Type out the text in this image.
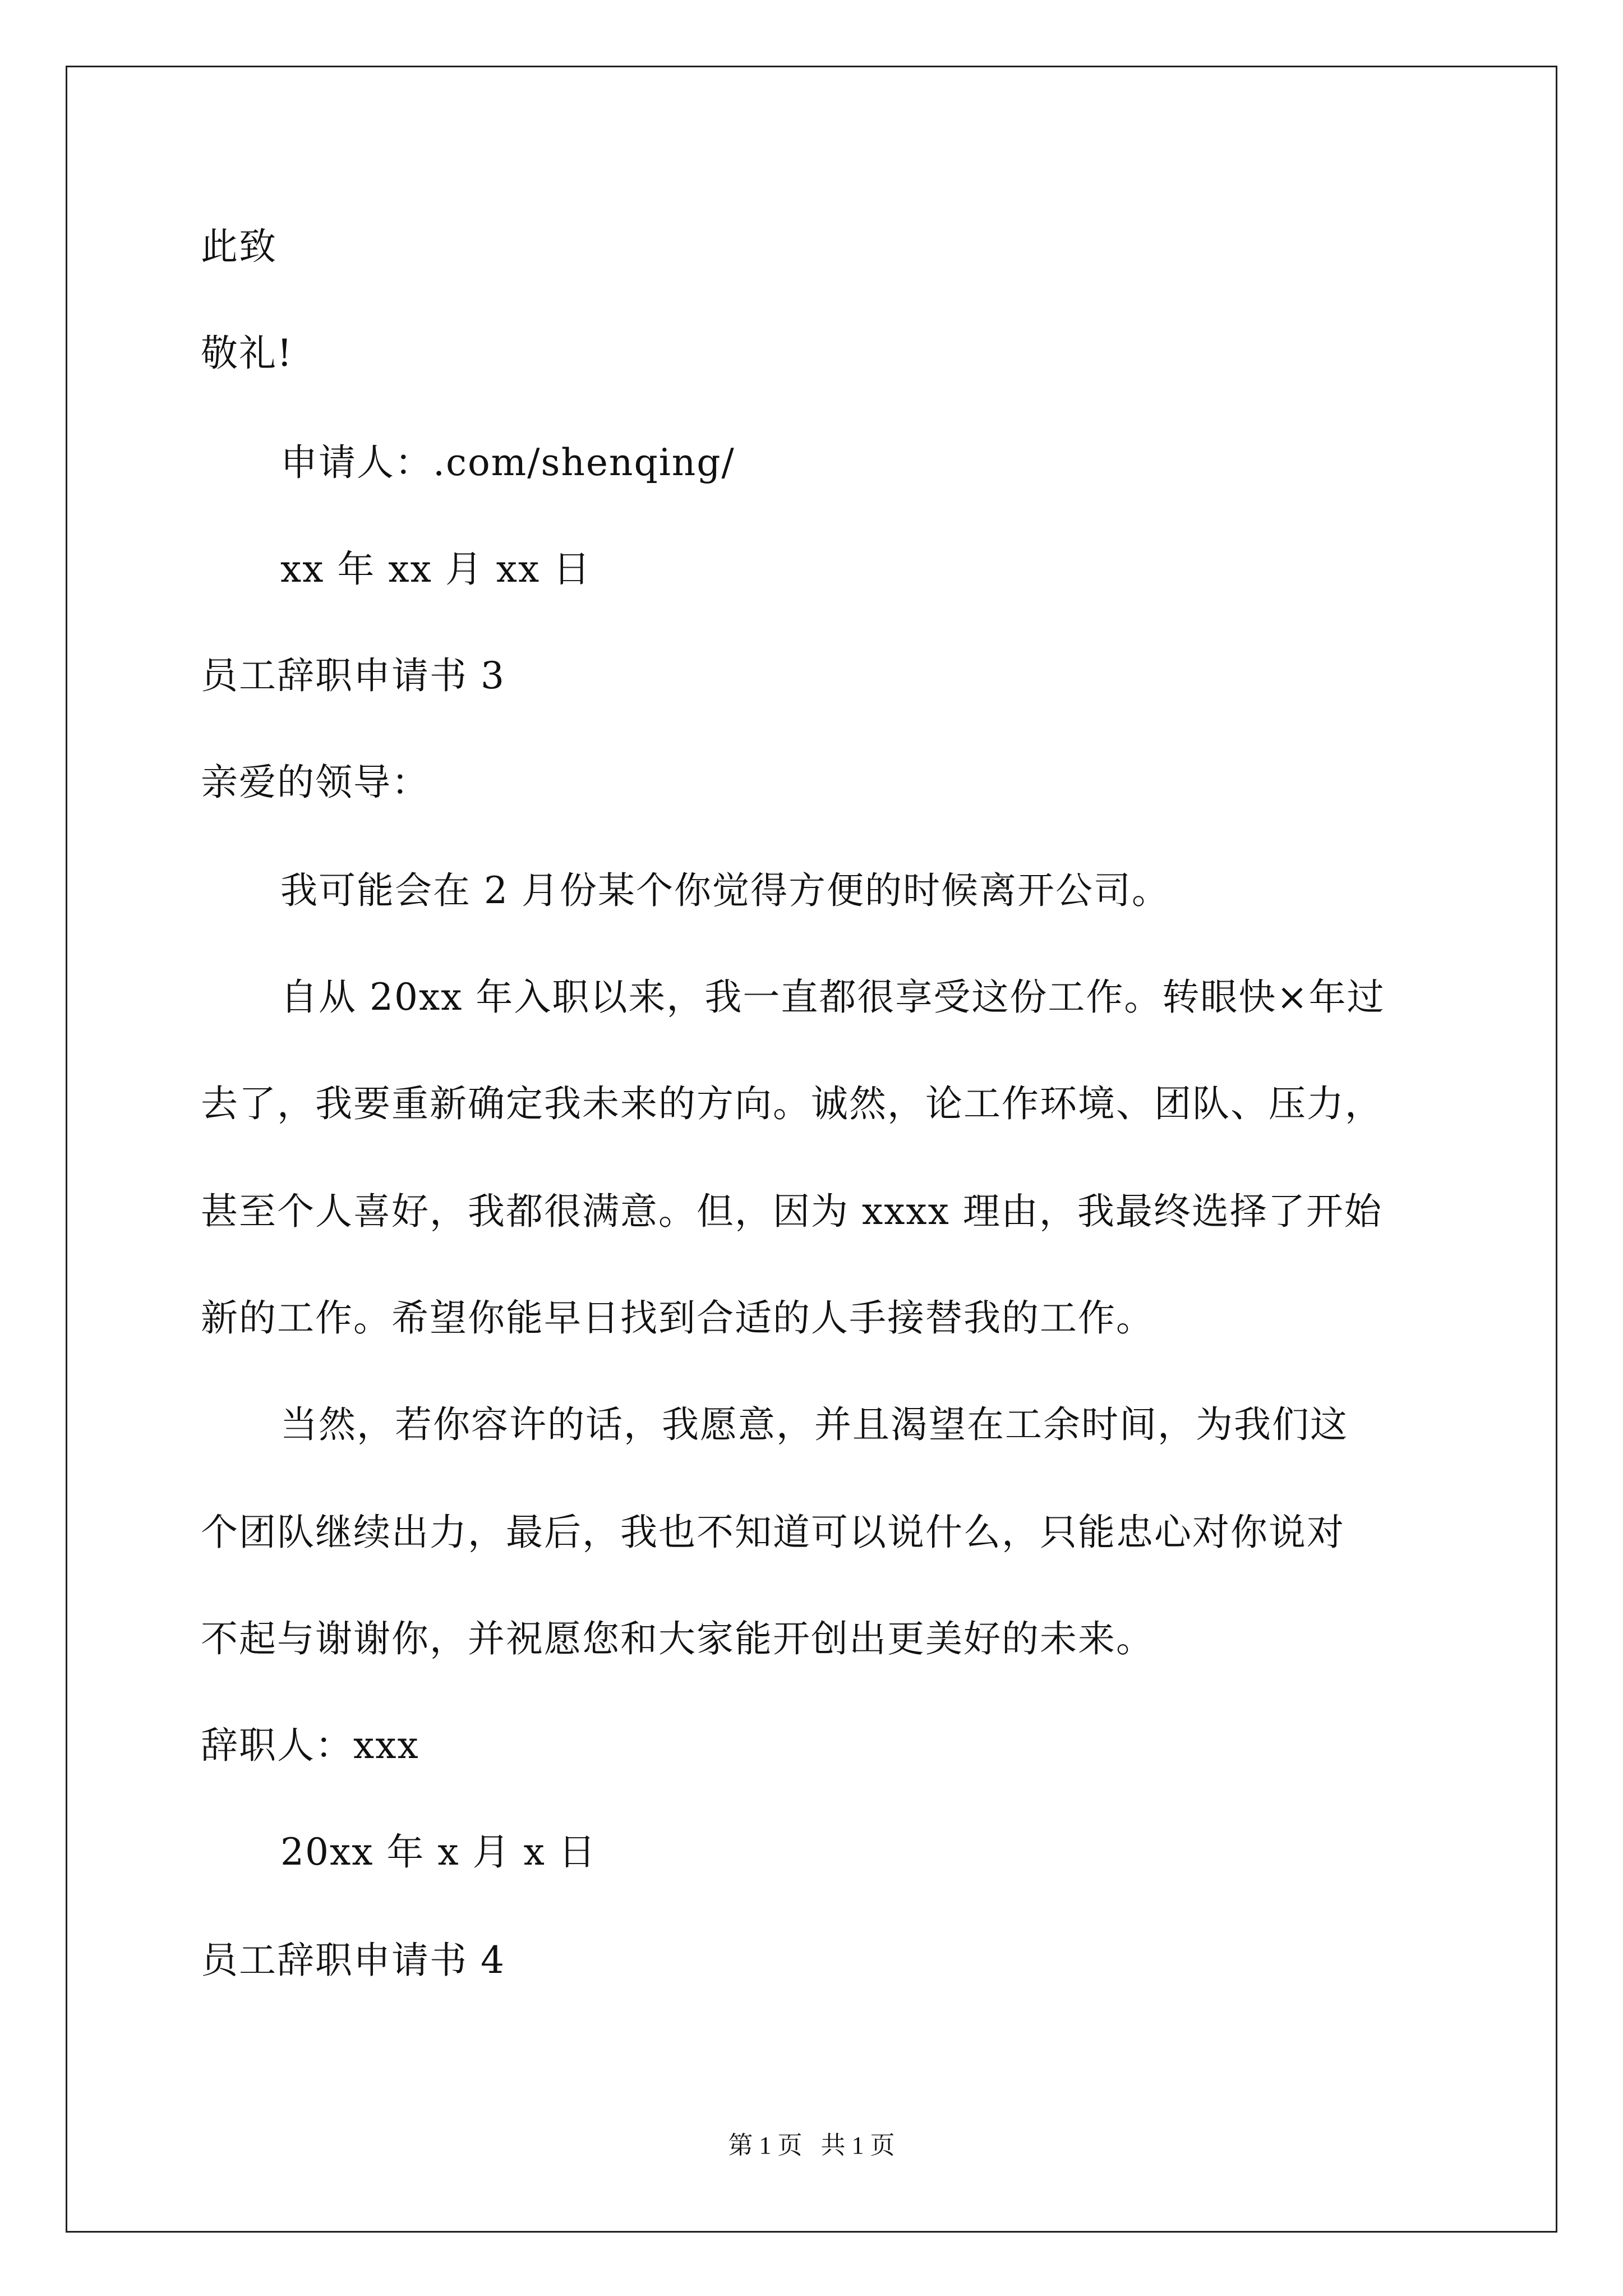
此致
敬礼!
申请人：.com/shenqing/
xx 年 xx 月 xx 日
员工辞职申请书 3
亲爱的领导：
我可能会在 2 月份某个你觉得方便的时候离开公司。
自从 20xx 年入职以来，我一直都很享受这份工作。转眼快×年过
去了，我要重新确定我未来的方向。诚然，论工作环境、团队、压力，
甚至个人喜好，我都很满意。但，因为 xxxx 理由，我最终选择了开始
新的工作。希望你能早日找到合适的人手接替我的工作。
当然，若你容许的话，我愿意，并且渴望在工余时间，为我们这
个团队继续出力，最后，我也不知道可以说什么，只能忠心对你说对
不起与谢谢你，并祝愿您和大家能开创出更美好的未来。
辞职人：xxx
20xx 年 x 月 x 日
员工辞职申请书 4
第 1 页   共 1 页
